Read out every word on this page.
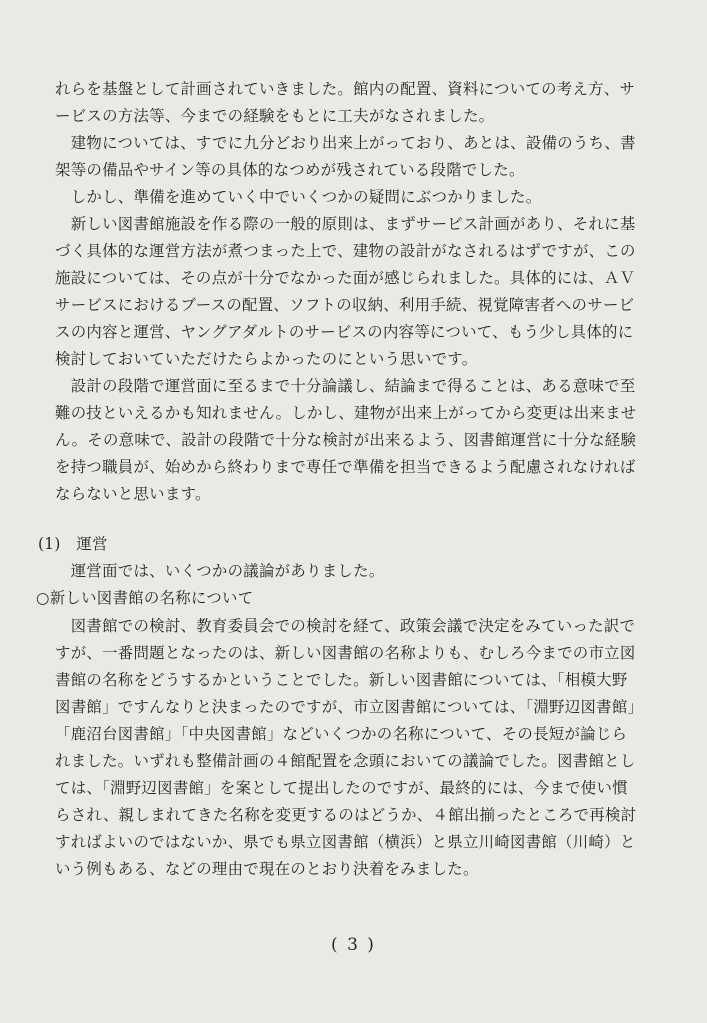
れらを基盤として計画されていきました。館内の配置、資料についての考え方、サ
ービスの方法等、今までの経験をもとに工夫がなされました。
　建物については、すでに九分どおり出来上がっており、あとは、設備のうち、書
架等の備品やサイン等の具体的なつめが残されている段階でした。
　しかし、準備を進めていく中でいくつかの疑問にぶつかりました。
　新しい図書館施設を作る際の一般的原則は、まずサービス計画があり、それに基
づく具体的な運営方法が煮つまった上で、建物の設計がなされるはずですが、この
施設については、その点が十分でなかった面が感じられました。具体的には、ＡＶ
サービスにおけるブースの配置、ソフトの収納、利用手続、視覚障害者へのサービ
スの内容と運営、ヤングアダルトのサービスの内容等について、もう少し具体的に
検討しておいていただけたらよかったのにという思いです。
　設計の段階で運営面に至るまで十分論議し、結論まで得ることは、ある意味で至
難の技といえるかも知れません。しかし、建物が出来上がってから変更は出来ませ
ん。その意味で、設計の段階で十分な検討が出来るよう、図書館運営に十分な経験
を持つ職員が、始めから終わりまで専任で準備を担当できるよう配慮されなければ
ならないと思います。
(1)　運営
　運営面では、いくつかの議論がありました。
○新しい図書館の名称について
　図書館での検討、教育委員会での検討を経て、政策会議で決定をみていった訳で
すが、一番問題となったのは、新しい図書館の名称よりも、むしろ今までの市立図
書館の名称をどうするかということでした。新しい図書館については、「相模大野
図書館」ですんなりと決まったのですが、市立図書館については、「淵野辺図書館」
「鹿沼台図書館」「中央図書館」などいくつかの名称について、その長短が論じら
れました。いずれも整備計画の４館配置を念頭においての議論でした。図書館とし
ては、「淵野辺図書館」を案として提出したのですが、最終的には、今まで使い慣
らされ、親しまれてきた名称を変更するのはどうか、４館出揃ったところで再検討
すればよいのではないか、県でも県立図書館（横浜）と県立川崎図書館（川崎）と
いう例もある、などの理由で現在のとおり決着をみました。
( 3 )
